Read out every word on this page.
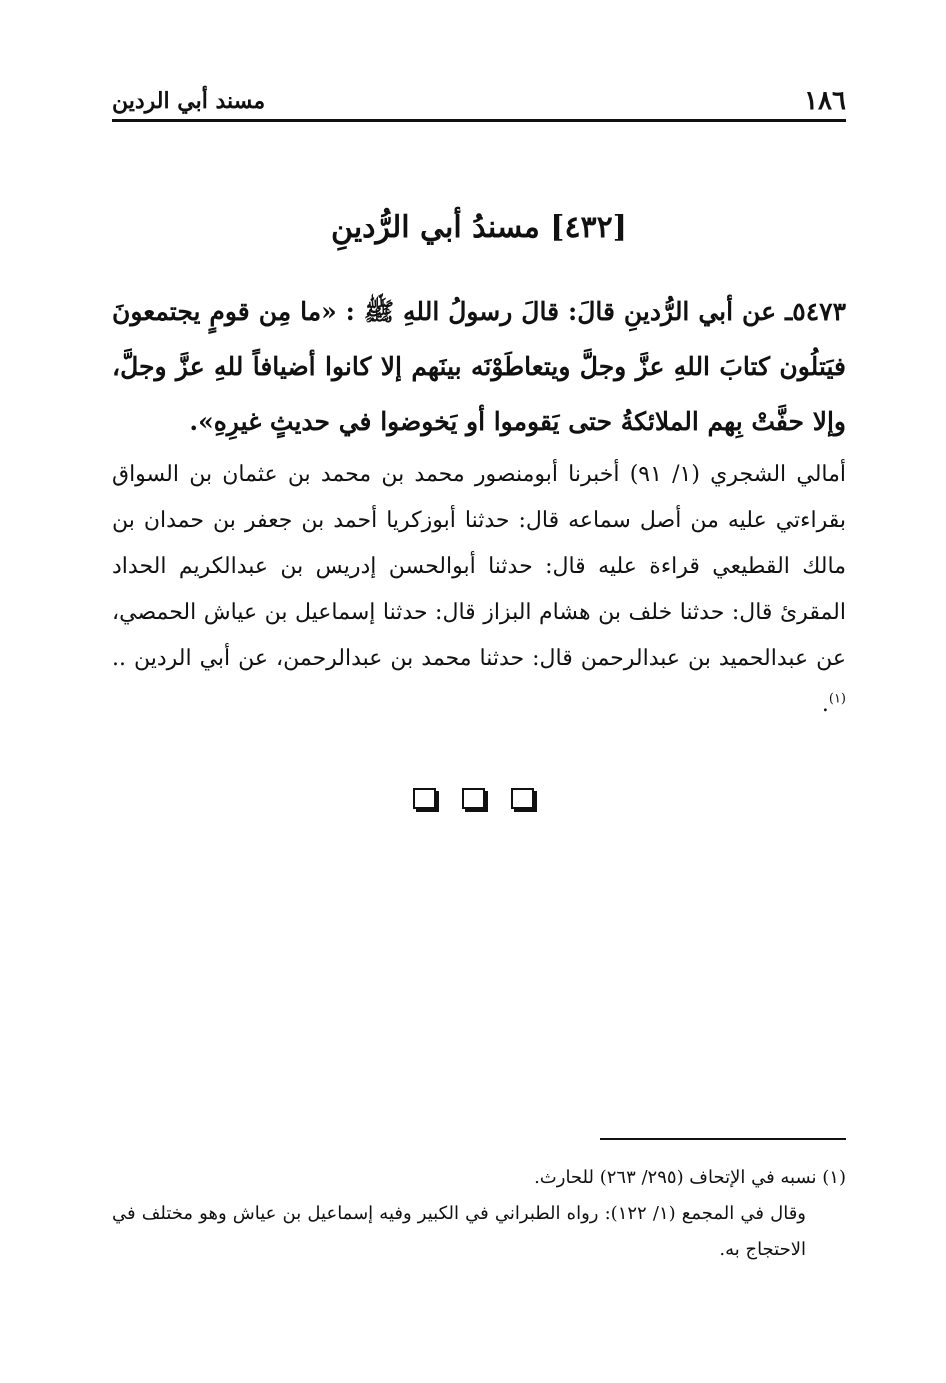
١٨٦
مسند أبي الردين
[٤٣٢] مسندُ أبي الرُّدينِ
٥٤٧٣ـ عن أبي الرُّدينِ قالَ: قالَ رسولُ اللهِ ﷺ : «ما مِن قومٍ يجتمعونَ فيَتلُون كتابَ اللهِ عزَّ وجلَّ ويتعاطَوْنَه بينَهم إلا كانوا أضيافاً للهِ عزَّ وجلَّ، وإلا حفَّتْ بِهم الملائكةُ حتى يَقوموا أو يَخوضوا في حديثٍ غيرِهِ».
أمالي الشجري (١/ ٩١) أخبرنا أبومنصور محمد بن محمد بن عثمان بن السواق بقراءتي عليه من أصل سماعه قال: حدثنا أبوزكريا أحمد بن جعفر بن حمدان بن مالك القطيعي قراءة عليه قال: حدثنا أبوالحسن إدريس بن عبدالكريم الحداد المقرئ قال: حدثنا خلف بن هشام البزاز قال: حدثنا إسماعيل بن عياش الحمصي، عن عبدالحميد بن عبدالرحمن قال: حدثنا محمد بن عبدالرحمن، عن أبي الردين .. $^{(١)}$.

(١) نسبه في الإتحاف (٢٩٥/ ٢٦٣) للحارث.

وقال في المجمع (١/ ١٢٢): رواه الطبراني في الكبير وفيه إسماعيل بن عياش وهو مختلف في الاحتجاج به.
